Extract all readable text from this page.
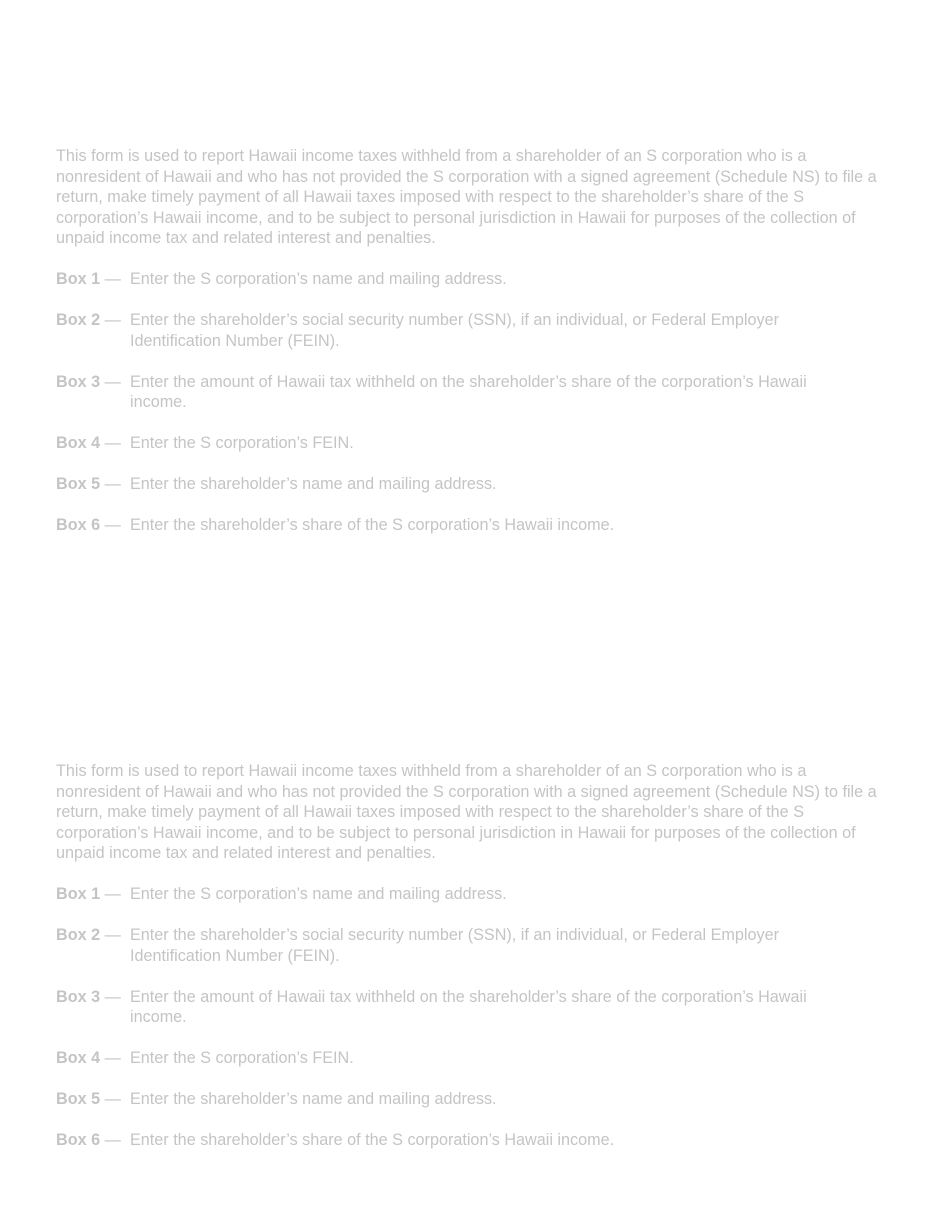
This form is used to report Hawaii income taxes withheld from a shareholder of an S corporation who is a nonresident of Hawaii and who has not provided the S corporation with a signed agreement (Schedule NS) to file a return, make timely payment of all Hawaii taxes imposed with respect to the shareholder’s share of the S corporation’s Hawaii income, and to be subject to personal jurisdiction in Hawaii for purposes of the collection of unpaid income tax and related interest and penalties.

Box 1 — Enter the S corporation’s name and mailing address.
Box 2 — Enter the shareholder’s social security number (SSN), if an individual, or Federal Employer Identification Number (FEIN).
Box 3 — Enter the amount of Hawaii tax withheld on the shareholder’s share of the corporation’s Hawaii income.
Box 4 — Enter the S corporation’s FEIN.
Box 5 — Enter the shareholder’s name and mailing address.
Box 6 — Enter the shareholder’s share of the S corporation’s Hawaii income.

This form is used to report Hawaii income taxes withheld from a shareholder of an S corporation who is a nonresident of Hawaii and who has not provided the S corporation with a signed agreement (Schedule NS) to file a return, make timely payment of all Hawaii taxes imposed with respect to the shareholder’s share of the S corporation’s Hawaii income, and to be subject to personal jurisdiction in Hawaii for purposes of the collection of unpaid income tax and related interest and penalties.

Box 1 — Enter the S corporation’s name and mailing address.
Box 2 — Enter the shareholder’s social security number (SSN), if an individual, or Federal Employer Identification Number (FEIN).
Box 3 — Enter the amount of Hawaii tax withheld on the shareholder’s share of the corporation’s Hawaii income.
Box 4 — Enter the S corporation’s FEIN.
Box 5 — Enter the shareholder’s name and mailing address.
Box 6 — Enter the shareholder’s share of the S corporation’s Hawaii income.
